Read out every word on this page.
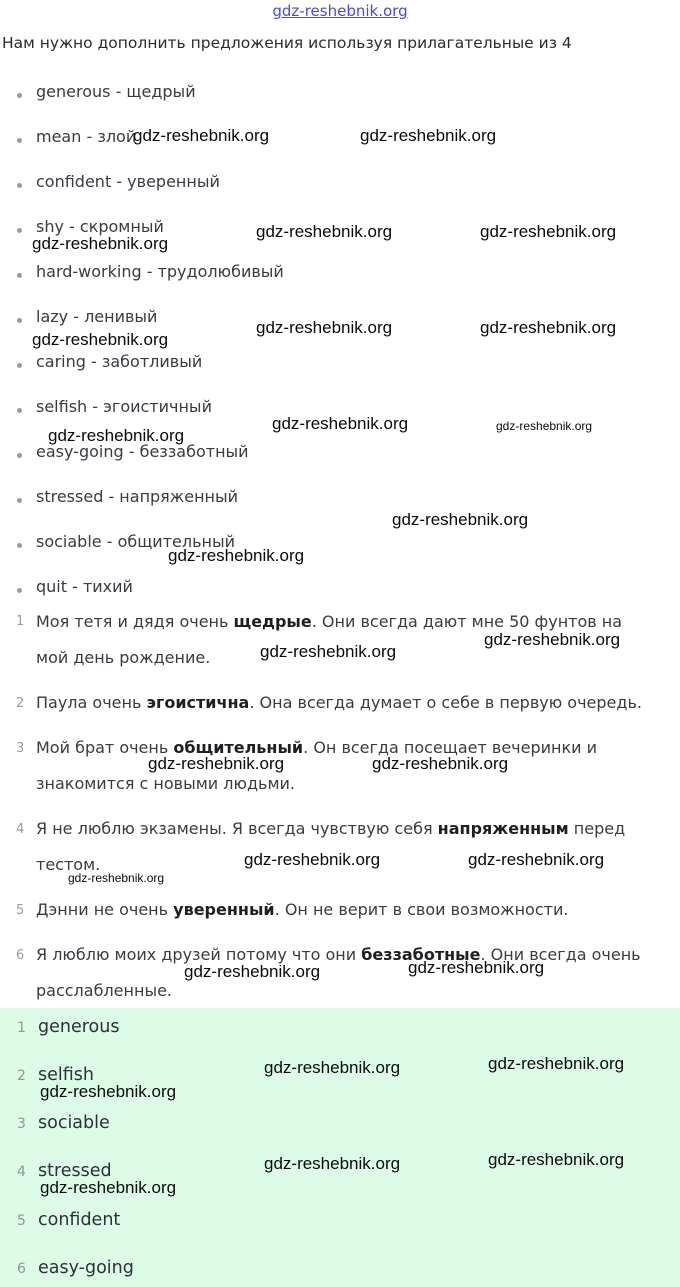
gdz-reshebnik.org
Нам нужно дополнить предложения используя прилагательные из 4
generous - щедрый
mean - злой
confident - уверенный
shy - скромный
hard-working - трудолюбивый
lazy - ленивый
caring - заботливый
selfish - эгоистичный
easy-going - беззаботный
stressed - напряженный
sociable - общительный
quit - тихий
1 Моя тетя и дядя очень щедрые. Они всегда дают мне 50 фунтов на мой день рождение.
2 Паула очень эгоистична. Она всегда думает о себе в первую очередь.
3 Мой брат очень общительный. Он всегда посещает вечеринки и знакомится с новыми людьми.
4 Я не люблю экзамены. Я всегда чувствую себя напряженным перед тестом.
5 Дэнни не очень уверенный. Он не верит в свои возможности.
6 Я люблю моих друзей потому что они беззаботные. Они всегда очень расслабленные.
1 generous
2 selfish
3 sociable
4 stressed
5 confident
6 easy-going
gdz-reshebnik.org	gdz-reshebnik.org
gdz-reshebnik.org	gdz-reshebnik.org
gdz-reshebnik.org
gdz-reshebnik.org	gdz-reshebnik.org
gdz-reshebnik.org
gdz-reshebnik.org	gdz-reshebnik.org
gdz-reshebnik.org
gdz-reshebnik.org
gdz-reshebnik.org
gdz-reshebnik.org
gdz-reshebnik.org
gdz-reshebnik.org	gdz-reshebnik.org
gdz-reshebnik.org	gdz-reshebnik.org
gdz-reshebnik.org
gdz-reshebnik.org	gdz-reshebnik.org
gdz-reshebnik.org	gdz-reshebnik.org
gdz-reshebnik.org
gdz-reshebnik.org	gdz-reshebnik.org
gdz-reshebnik.org
